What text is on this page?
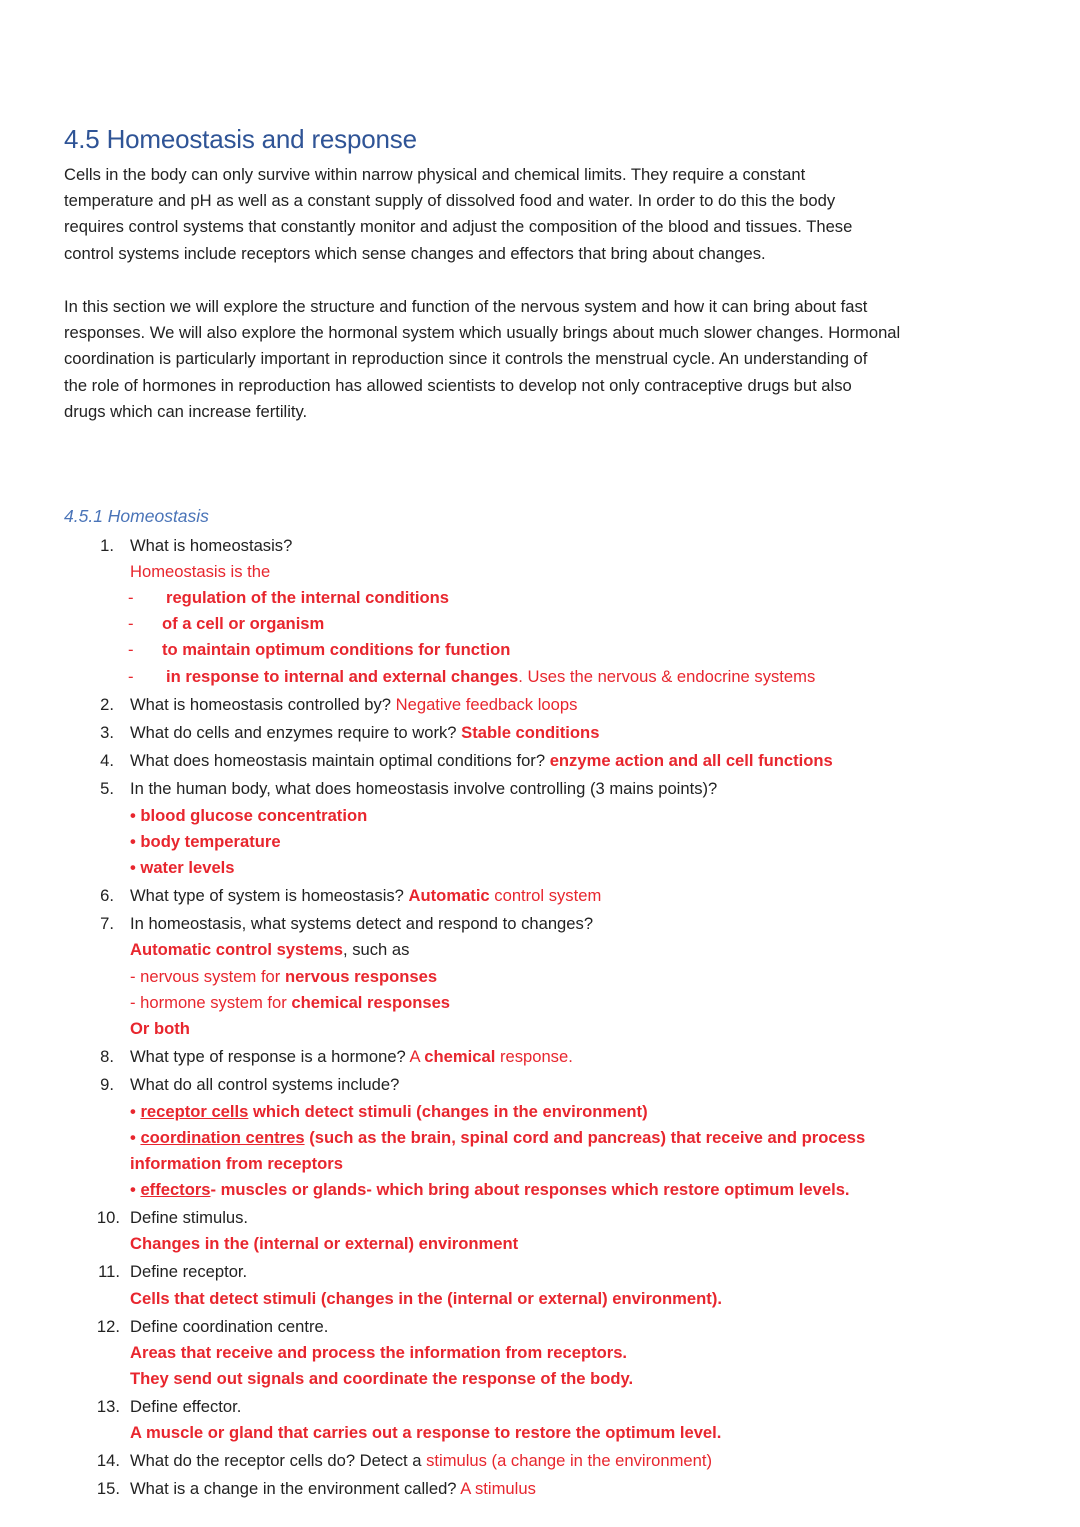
4.5 Homeostasis and response

Cells in the body can only survive within narrow physical and chemical limits. They require a constant
temperature and pH as well as a constant supply of dissolved food and water. In order to do this the body
requires control systems that constantly monitor and adjust the composition of the blood and tissues. These
control systems include receptors which sense changes and effectors that bring about changes.

In this section we will explore the structure and function of the nervous system and how it can bring about fast
responses. We will also explore the hormonal system which usually brings about much slower changes. Hormonal
coordination is particularly important in reproduction since it controls the menstrual cycle. An understanding of
the role of hormones in reproduction has allowed scientists to develop not only contraceptive drugs but also
drugs which can increase fertility.

4.5.1 Homeostasis
1. What is homeostasis?
Homeostasis is the
- regulation of the internal conditions
- of a cell or organism
- to maintain optimum conditions for function
- in response to internal and external changes. Uses the nervous & endocrine systems
2. What is homeostasis controlled by? Negative feedback loops
3. What do cells and enzymes require to work? Stable conditions
4. What does homeostasis maintain optimal conditions for? enzyme action and all cell functions
5. In the human body, what does homeostasis involve controlling (3 mains points)?
• blood glucose concentration
• body temperature
• water levels
6. What type of system is homeostasis? Automatic control system
7. In homeostasis, what systems detect and respond to changes?
Automatic control systems, such as
- nervous system for nervous responses
- hormone system for chemical responses
Or both
8. What type of response is a hormone? A chemical response.
9. What do all control systems include?
• receptor cells which detect stimuli (changes in the environment)
• coordination centres (such as the brain, spinal cord and pancreas) that receive and process
information from receptors
• effectors- muscles or glands- which bring about responses which restore optimum levels.
10. Define stimulus.
Changes in the (internal or external) environment
11. Define receptor.
Cells that detect stimuli (changes in the (internal or external) environment).
12. Define coordination centre.
Areas that receive and process the information from receptors.
They send out signals and coordinate the response of the body.
13. Define effector.
A muscle or gland that carries out a response to restore the optimum level.
14. What do the receptor cells do? Detect a stimulus (a change in the environment)
15. What is a change in the environment called? A stimulus
